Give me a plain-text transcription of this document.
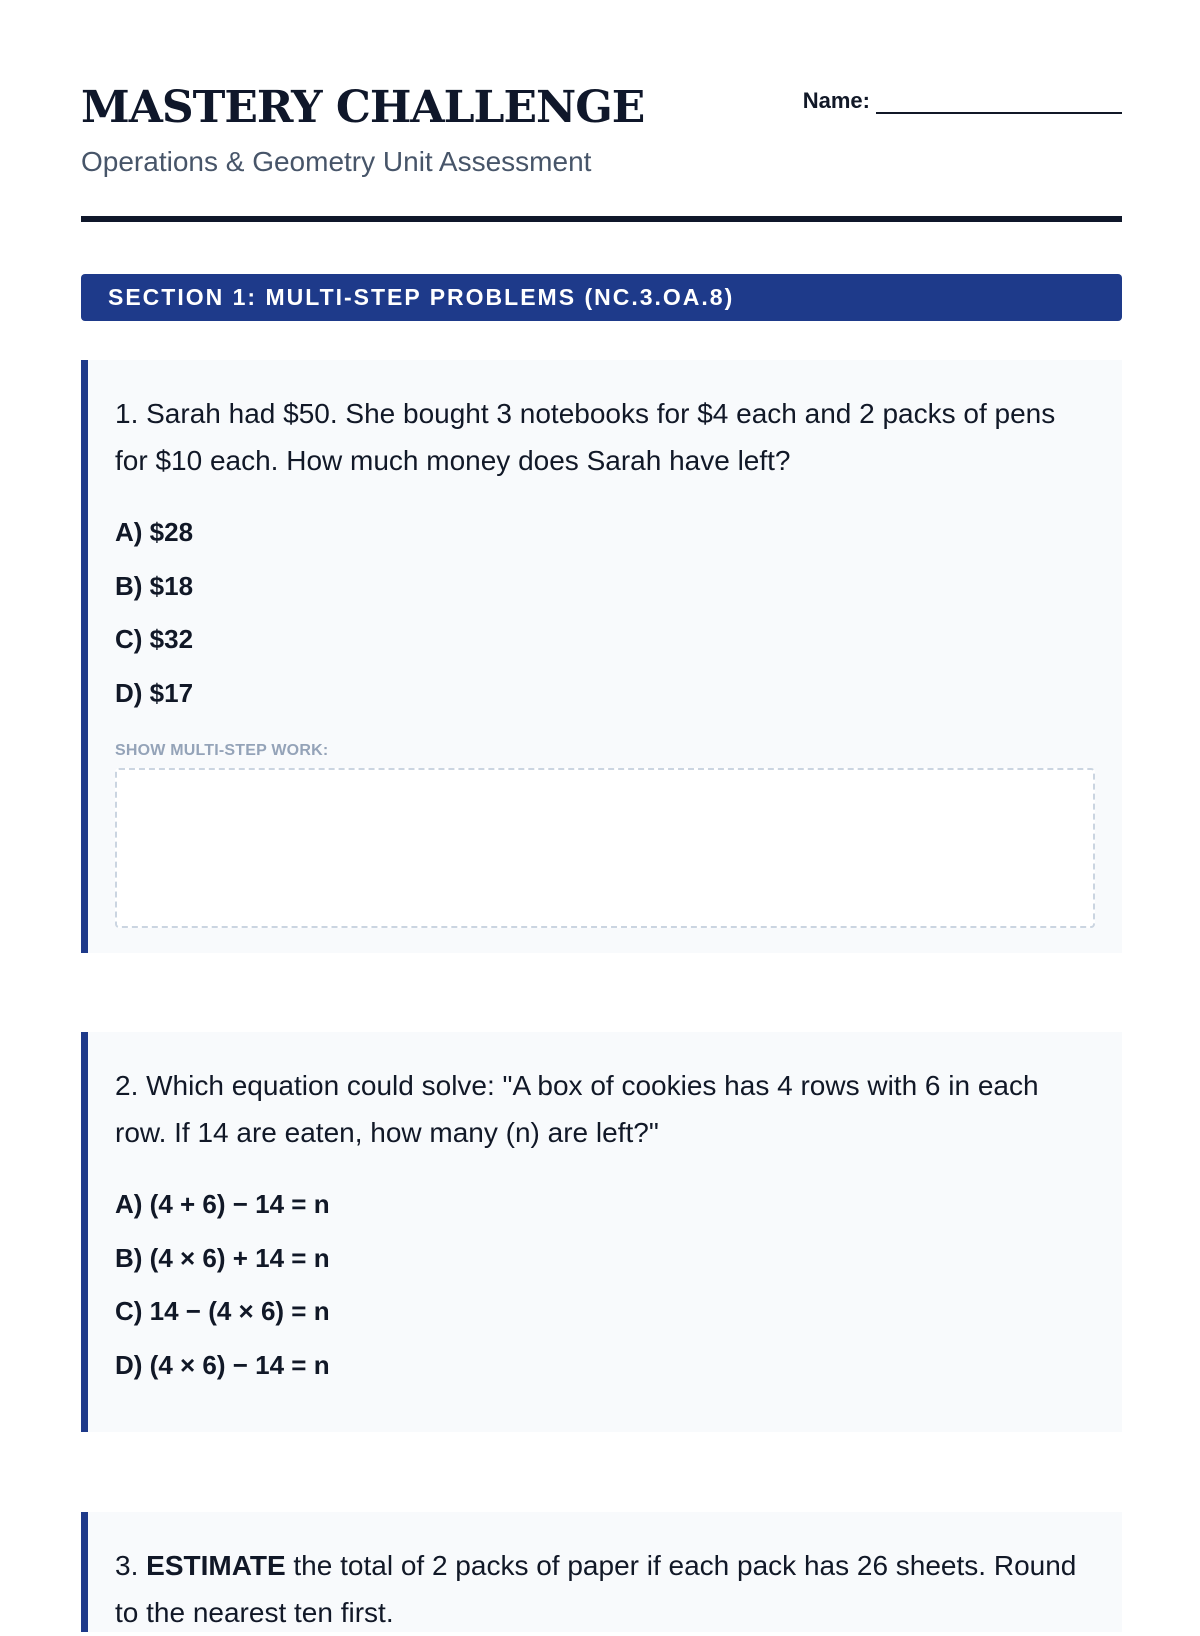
MASTERY CHALLENGE
Operations & Geometry Unit Assessment
Name:
SECTION 1: MULTI-STEP PROBLEMS (NC.3.OA.8)
1. Sarah had $50. She bought 3 notebooks for $4 each and 2 packs of pens for $10 each. How much money does Sarah have left?
A) $28
B) $18
C) $32
D) $17
SHOW MULTI-STEP WORK:
2. Which equation could solve: "A box of cookies has 4 rows with 6 in each row. If 14 are eaten, how many (n) are left?"
A) (4 + 6) − 14 = n
B) (4 × 6) + 14 = n
C) 14 − (4 × 6) = n
D) (4 × 6) − 14 = n
3. ESTIMATE the total of 2 packs of paper if each pack has 26 sheets. Round to the nearest ten first.
